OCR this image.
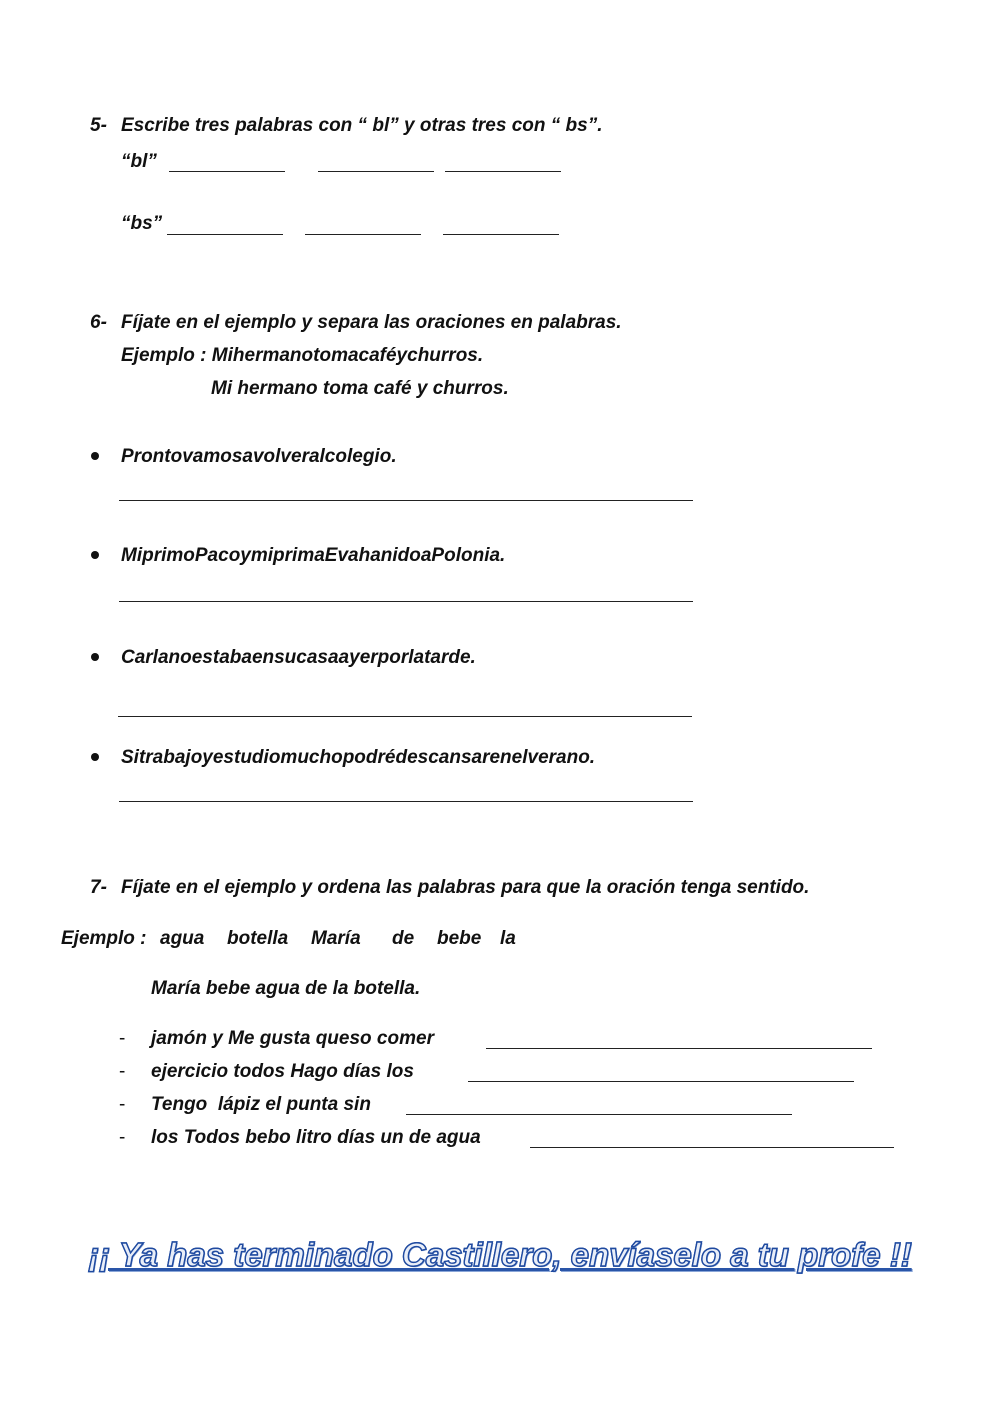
5- Escribe tres palabras con “ bl” y otras tres con “ bs”.
“bl”
“bs”
6- Fíjate en el ejemplo y separa las oraciones en palabras.
Ejemplo : Mihermanotomacaféychurros.
Mi hermano toma café y churros.
Prontovamosavolveralcolegio.
MiprimoPacoymiprimaEvahanidoaPolonia.
Carlanoestabaensucasaayerporlatarde.
Sitrabajoyestudiomuchopodrédescansarenelverano.
7- Fíjate en el ejemplo y ordena las palabras para que la oración tenga sentido.
Ejemplo : agua botella María de bebe la
María bebe agua de la botella.
- jamón y Me gusta queso comer
- ejercicio todos Hago días los
- Tengo  lápiz el punta sin
- los Todos bebo litro días un de agua
¡¡ Ya has terminado Castillero, envíaselo a tu profe !!
